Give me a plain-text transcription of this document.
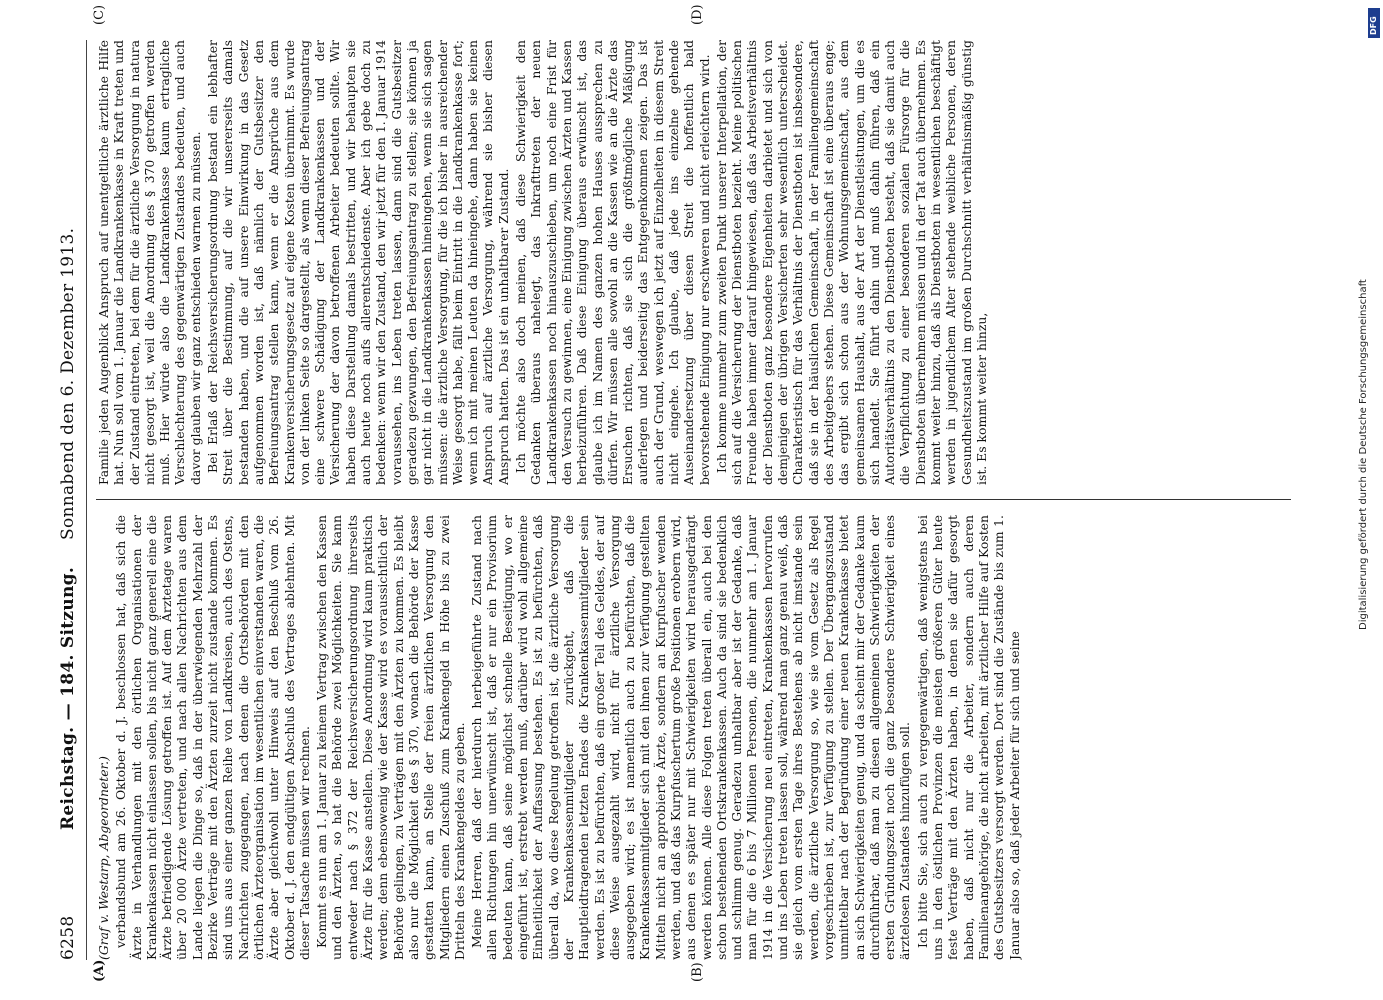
6258
Reichstag. — 184. Sitzung.
Sonnabend den 6. Dezember 1913.
(A)	(B)
(C)	(D)

(Graf v. Westarp, Abgeordneter.) verbandsbund am 26. Oktober d. J. beschlossen hat, daß sich die Ärzte in Verhandlungen mit den örtlichen Organisationen der Krankenkassen nicht einlassen sollen, bis nicht ganz generell eine die Ärzte befriedigende Lösung getroffen ist. Auf dem Ärztetage waren über 20 000 Ärzte vertreten, und nach allen Nachrichten aus dem Lande liegen die Dinge so, daß in der überwiegenden Mehrzahl der Bezirke Verträge mit den Ärzten zurzeit nicht zustande kommen. Es sind uns aus einer ganzen Reihe von Landkreisen, auch des Ostens, Nachrichten zugegangen, nach denen die Ortsbehörden mit den örtlichen Ärzteorganisation im wesentlichen einverstanden waren, die Ärzte aber gleichwohl unter Hinweis auf den Beschluß vom 26. Oktober d. J. den endgültigen Abschluß des Vertrages ablehnten. Mit dieser Tatsache müssen wir rechnen. Kommt es nun am 1. Januar zu keinem Vertrag zwischen den Kassen und den Ärzten, so hat die Behörde zwei Möglichkeiten. Sie kann entweder nach § 372 der Reichsversicherungsordnung ihrerseits Ärzte für die Kasse anstellen. Diese Anordnung wird kaum praktisch werden; denn ebensowenig wie der Kasse wird es voraussichtlich der Behörde gelingen, zu Verträgen mit den Ärzten zu kommen. Es bleibt also nur die Möglichkeit des § 370, wonach die Behörde der Kasse gestatten kann, an Stelle der freien ärztlichen Versorgung den Mitgliedern einen Zuschuß zum Krankengeld in Höhe bis zu zwei Dritteln des Krankengeldes zu geben. Meine Herren, daß der hierdurch herbeigeführte Zustand nach allen Richtungen hin unerwünscht ist, daß er nur ein Provisorium bedeuten kann, daß seine möglichst schnelle Beseitigung, wo er eingeführt ist, erstrebt werden muß, darüber wird wohl allgemeine Einheitlichkeit der Auffassung bestehen. Es ist zu befürchten, daß überall da, wo diese Regelung getroffen ist, die ärztliche Versorgung der Krankenkassenmitglieder zurückgeht, daß die Hauptleidtragenden letzten Endes die Krankenkassenmitglieder sein werden. Es ist zu befürchten, daß ein großer Teil des Geldes, der auf diese Weise ausgezahlt wird, nicht für ärztliche Versorgung ausgegeben wird; es ist namentlich auch zu befürchten, daß die Krankenkassenmitglieder sich mit den ihnen zur Verfügung gestellten Mitteln nicht an approbierte Ärzte, sondern an Kurpfuscher wenden werden, und daß das Kurpfuschertum große Positionen erobern wird, aus denen es später nur mit Schwierigkeiten wird herausgedrängt werden können. Alle diese Folgen treten überall ein, auch bei den schon bestehenden Ortskrankenkassen. Auch da sind sie bedenklich und schlimm genug. Geradezu unhaltbar aber ist der Gedanke, daß man für die 6 bis 7 Millionen Personen, die nunmehr am 1. Januar 1914 in die Versicherung neu eintreten, Krankenkassen hervorrufen und ins Leben treten lassen soll, während man ganz genau weiß, daß sie gleich vom ersten Tage ihres Bestehens ab nicht imstande sein werden, die ärztliche Versorgung so, wie sie vom Gesetz als Regel vorgeschrieben ist, zur Verfügung zu stellen. Der Übergangszustand unmittelbar nach der Begründung einer neuen Krankenkasse bietet an sich Schwierigkeiten genug, und da scheint mir der Gedanke kaum durchführbar, daß man zu diesen allgemeinen Schwierigkeiten der ersten Gründungszeit noch die ganz besondere Schwierigkeit eines ärztelosen Zustandes hinzufügen soll. Ich bitte Sie, sich auch zu vergegenwärtigen, daß wenigstens bei uns in den östlichen Provinzen die meisten größeren Güter heute feste Verträge mit den Ärzten haben, in denen sie dafür gesorgt haben, daß nicht nur die Arbeiter, sondern auch deren Familienangehörige, die nicht arbeiten, mit ärztlicher Hilfe auf Kosten des Gutsbesitzers versorgt werden. Dort sind die Zustände bis zum 1. Januar also so, daß jeder Arbeiter für sich und seine

Familie jeden Augenblick Anspruch auf unentgeltliche ärztliche Hilfe hat. Nun soll vom 1. Januar die Landkrankenkasse in Kraft treten und der Zustand eintreten, bei dem für die ärztliche Versorgung in natura nicht gesorgt ist, weil die Anordnung des § 370 getroffen werden muß. Hier würde also die Landkrankenkasse kaum ertragliche Verschlechterung des gegenwärtigen Zustandes bedeuten, und auch davor glauben wir ganz entschieden warnen zu müssen. Bei Erlaß der Reichsversicherungsordnung bestand ein lebhafter Streit über die Bestimmung, auf die wir unsererseits damals bestanden haben, und die auf unsere Einwirkung in das Gesetz aufgenommen worden ist, daß nämlich der Gutsbesitzer den Befreiungsantrag stellen kann, wenn er die Ansprüche aus dem Krankenversicherungsgesetz auf eigene Kosten übernimmt. Es wurde von der linken Seite so dargestellt, als wenn dieser Befreiungsantrag eine schwere Schädigung der Landkrankenkassen und der Versicherung der davon betroffenen Arbeiter bedeuten sollte. Wir haben diese Darstellung damals bestritten, und wir behaupten sie auch heute noch aufs allerentschiedenste. Aber ich gebe doch zu bedenken: wenn wir den Zustand, den wir jetzt für den 1. Januar 1914 voraussehen, ins Leben treten lassen, dann sind die Gutsbesitzer geradezu gezwungen, den Befreiungsantrag zu stellen; sie können ja gar nicht in die Landkrankenkassen hineingehen, wenn sie sich sagen müssen: die ärztliche Versorgung, für die ich bisher in ausreichender Weise gesorgt habe, fällt beim Eintritt in die Landkrankenkasse fort; wenn ich mit meinen Leuten da hineingehe, dann haben sie keinen Anspruch auf ärztliche Versorgung, während sie bisher diesen Anspruch hatten. Das ist ein unhaltbarer Zustand. Ich möchte also doch meinen, daß diese Schwierigkeit den Gedanken überaus nahelegt, das Inkrafttreten der neuen Landkrankenkassen noch hinauszuschieben, um noch eine Frist für den Versuch zu gewinnen, eine Einigung zwischen Ärzten und Kassen herbeizuführen. Daß diese Einigung überaus erwünscht ist, das glaube ich im Namen des ganzen hohen Hauses aussprechen zu dürfen. Wir müssen alle sowohl an die Kassen wie an die Ärzte das Ersuchen richten, daß sie sich die größtmögliche Mäßigung auferlegen und beiderseitig das Entgegenkommen zeigen. Das ist auch der Grund, weswegen ich jetzt auf Einzelheiten in diesem Streit nicht eingehe. Ich glaube, daß jede ins einzelne gehende Auseinandersetzung über diesen Streit die hoffentlich bald bevorstehende Einigung nur erschweren und nicht erleichtern wird. Ich komme nunmehr zum zweiten Punkt unserer Interpellation, der sich auf die Versicherung der Dienstboten bezieht. Meine politischen Freunde haben immer darauf hingewiesen, daß das Arbeitsverhältnis der Dienstboten ganz besondere Eigenheiten darbietet und sich von demjenigen der übrigen Versicherten sehr wesentlich unterscheidet. Charakteristisch für das Verhältnis der Dienstboten ist insbesondere, daß sie in der häuslichen Gemeinschaft, in der Familiengemeinschaft des Arbeitgebers stehen. Diese Gemeinschaft ist eine überaus enge; das ergibt sich schon aus der Wohnungsgemeinschaft, aus dem gemeinsamen Haushalt, aus der Art der Dienstleistungen, um die es sich handelt. Sie führt dahin und muß dahin führen, daß ein Autoritätsverhältnis zu den Dienstboten besteht, daß sie damit auch die Verpflichtung zu einer besonderen sozialen Fürsorge für die Dienstboten übernehmen müssen und in der Tat auch übernehmen. Es kommt weiter hinzu, daß als Dienstboten in wesentlichen beschäftigt werden in jugendlichem Alter stehende weibliche Personen, deren Gesundheitszustand im großen Durchschnitt verhältnismäßig günstig ist. Es kommt weiter hinzu,	Digitalisierung gefördert durch die Deutsche Forschungsgemeinschaft
DFG
